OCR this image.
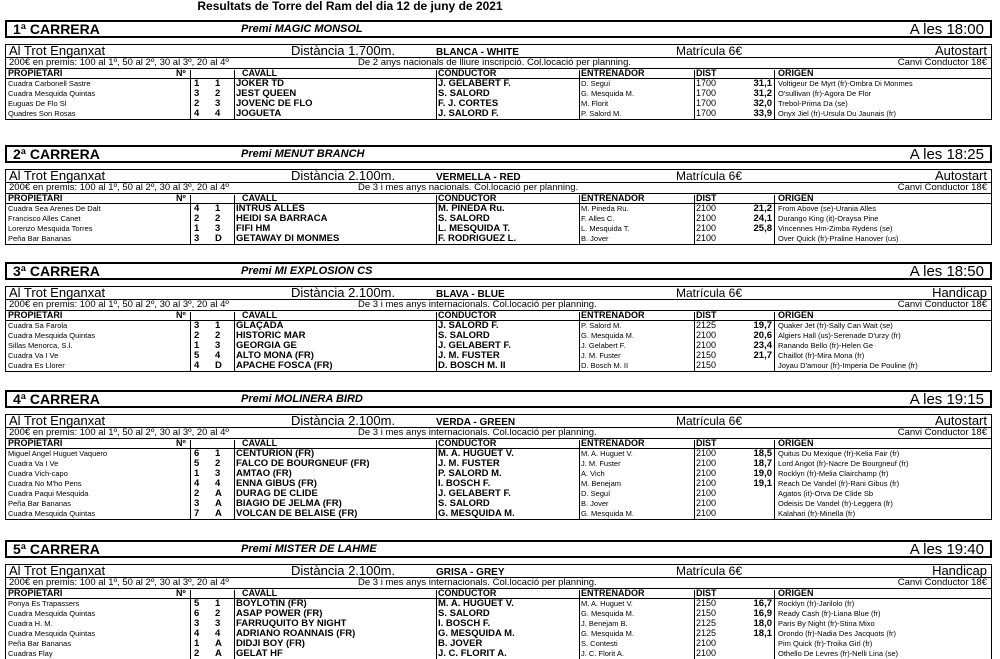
Resultats de Torre del Ram del dia 12 de juny de 2021
1ª CARRERA	Premi MAGIC MONSOL	A les 18:00
Al Trot Enganxat	Distància 1.700m.	BLANCA - WHITE	Matrícula 6€	Autostart
200€ en premis: 100 al 1º, 50 al 2º, 30 al 3º, 20 al 4º	De 2 anys nacionals de lliure inscripció. Col.locació per planning.	Canvi Conductor 18€
PROPIETARI	Nº	CAVALL	CONDUCTOR	ENTRENADOR	DIST	ORIGEN
Cuadra Carbonell Sastre	1 1 JOKER TD	J. GELABERT F.	D. Seguí	1700	31,1 Voltigeur De Myrt (fr)-Ombra Di Monmes
Cuadra Mesquida Quintas	3 2 JEST QUEEN	S. SALORD	G. Mesquida M.	1700	31,2 O'sullivan (fr)-Agora De Flor
Euguas De Flo Sl	2 3 JOVENC DE FLO	F. J. CORTES	M. Florit	1700	32,0 Trebol-Prima Da (se)
Quadres Son Rosas	4 4 JOGUETA	J. SALORD F.	P. Salord M.	1700	33,9 Onyx Jiel (fr)-Ursula Du Jaunais (fr)
2ª CARRERA	Premi MENUT BRANCH	A les 18:25
Al Trot Enganxat	Distància 2.100m.	VERMELLA - RED	Matrícula 6€	Autostart
200€ en premis: 100 al 1º, 50 al 2º, 30 al 3º, 20 al 4º	De 3 i mes anys nacionals. Col.locació per planning.	Canvi Conductor 18€
PROPIETARI	Nº	CAVALL	CONDUCTOR	ENTRENADOR	DIST	ORIGEN
Cuadra Sea Arenes De Dalt	4 1 INTRUS ALLES	M. PINEDA Ru.	M. Pineda Ru.	2100	21,2 From Above (se)-Urania Alles
Francisco Alles Canet	2 2 HEIDI SA BARRACA	S. SALORD	F. Alles C.	2100	24,1 Durango King (it)-Oraysa Pine
Lorenzo Mesquida Torres	1 3 FIFI HM	L. MESQUIDA T.	L. Mesquida T.	2100	25,8 Vincennes Hm-Zimba Rydens (se)
Peña Bar Bananas	3 D GETAWAY DI MONMES	F. RODRIGUEZ L.	B. Jover	2100	Over Quick (fr)-Praline Hanover (us)
3ª CARRERA	Premi MI EXPLOSION CS	A les 18:50
Al Trot Enganxat	Distància 2.100m.	BLAVA - BLUE	Matrícula 6€	Handicap
200€ en premis: 100 al 1º, 50 al 2º, 30 al 3º, 20 al 4º	De 3 i mes anys internacionals. Col.locació per planning.	Canvi Conductor 18€
PROPIETARI	Nº	CAVALL	CONDUCTOR	ENTRENADOR	DIST	ORIGEN
Cuadra Sa Farola	3 1 GLAÇADA	J. SALORD F.	P. Salord M.	2125	19,7 Quaker Jet (fr)-Sally Can Wait (se)
Cuadra Mesquida Quintas	2 2 HISTORIC MAR	S. SALORD	G. Mesquida M.	2100	20,6 Algiers Hall (us)-Serenade D'urzy (fr)
Sillas Menorca, S.l.	1 3 GEORGIA GE	J. GELABERT F.	J. Gelabert F.	2100	23,4 Ranando Bello (fr)-Helen Ge
Cuadra Va I Ve	5 4 ALTO MONA (FR)	J. M. FUSTER	J. M. Fuster	2150	21,7 Chaillot (fr)-Mira Mona (fr)
Cuadra Es Llorer	4 D APACHE FOSCA (FR)	D. BOSCH M. II	D. Bosch M. II	2150	Joyau D'amour (fr)-Imperia De Pouline (fr)
4ª CARRERA	Premi MOLINERA BIRD	A les 19:15
Al Trot Enganxat	Distància 2.100m.	VERDA - GREEN	Matrícula 6€	Autostart
200€ en premis: 100 al 1º, 50 al 2º, 30 al 3º, 20 al 4º	De 3 i mes anys internacionals. Col.locació per planning.	Canvi Conductor 18€
PROPIETARI	Nº	CAVALL	CONDUCTOR	ENTRENADOR	DIST	ORIGEN
Miguel Angel Huguet Vaquero	6 1 CENTURION (FR)	M. A. HUGUET V.	M. A. Huguet V.	2100	18,5 Quitus Du Mexique (fr)-Kelia Fair (fr)
Cuadra Va I Ve	5 2 FALCO DE BOURGNEUF (FR)	J. M. FUSTER	J. M. Fuster	2100	18,7 Lord Angot (fr)-Nacre De Bourgneuf (fr)
Cuadra Vich-capo	1 3 AMTAO (FR)	P. SALORD M.	A. Vich	2100	19,0 Rocklyn (fr)-Melia Clairchamp (fr)
Cuadra No M'ho Pens	4 4 ENNA GIBUS (FR)	I. BOSCH F.	M. Benejam	2100	19,1 Reach De Vandel (fr)-Rani Gibus (fr)
Cuadra Paqui Mesquida	2 A DURAG DE CLIDE	J. GELABERT F.	D. Seguí	2100	Agatos (it)-Orva De Clide Sb
Peña Bar Bananas	3 A BIAGIO DE JELMA (FR)	S. SALORD	B. Jover	2100	Odeisis De Vandel (fr)-Leggera (fr)
Cuadra Mesquida Quintas	7 A VOLCAN DE BELAISE (FR)	G. MESQUIDA M.	G. Mesquida M.	2100	Kalahari (fr)-Minella (fr)
5ª CARRERA	Premi MISTER DE LAHME	A les 19:40
Al Trot Enganxat	Distància 2.100m.	GRISA - GREY	Matrícula 6€	Handicap
200€ en premis: 100 al 1º, 50 al 2º, 30 al 3º, 20 al 4º	De 3 i mes anys internacionals. Col.locació per planning.	Canvi Conductor 18€
PROPIETARI	Nº	CAVALL	CONDUCTOR	ENTRENADOR	DIST	ORIGEN
Ponya Es Trapassers	5 1 BOYLOTIN (FR)	M. A. HUGUET V.	M. A. Huguet V.	2150	16,7 Rocklyn (fr)-Jarilolo (fr)
Cuadra Mesquida Quintas	6 2 ASAP POWER (FR)	S. SALORD	G. Mesquida M.	2150	16,9 Ready Cash (fr)-Liana Blue (fr)
Cuadra H. M.	3 3 FARRUQUITO BY NIGHT	I. BOSCH F.	J. Benejam B.	2125	18,0 Paris By Night (fr)-Stina Mixo
Cuadra Mesquida Quintas	4 4 ADRIANO ROANNAIS (FR)	G. MESQUIDA M.	G. Mesquida M.	2125	18,1 Orondo (fr)-Nadia Des Jacquots (fr)
Peña Bar Bananas	1 A DIDJI BOY (FR)	B. JOVER	S. Contesti	2100	Pim Quick (fr)-Troika Girl (fr)
Cuadras Flay	2 A GELAT HF	J. C. FLORIT A.	J. C. Florit A.	2100	Othello De Levres (fr)-Nelli Lina (se)
